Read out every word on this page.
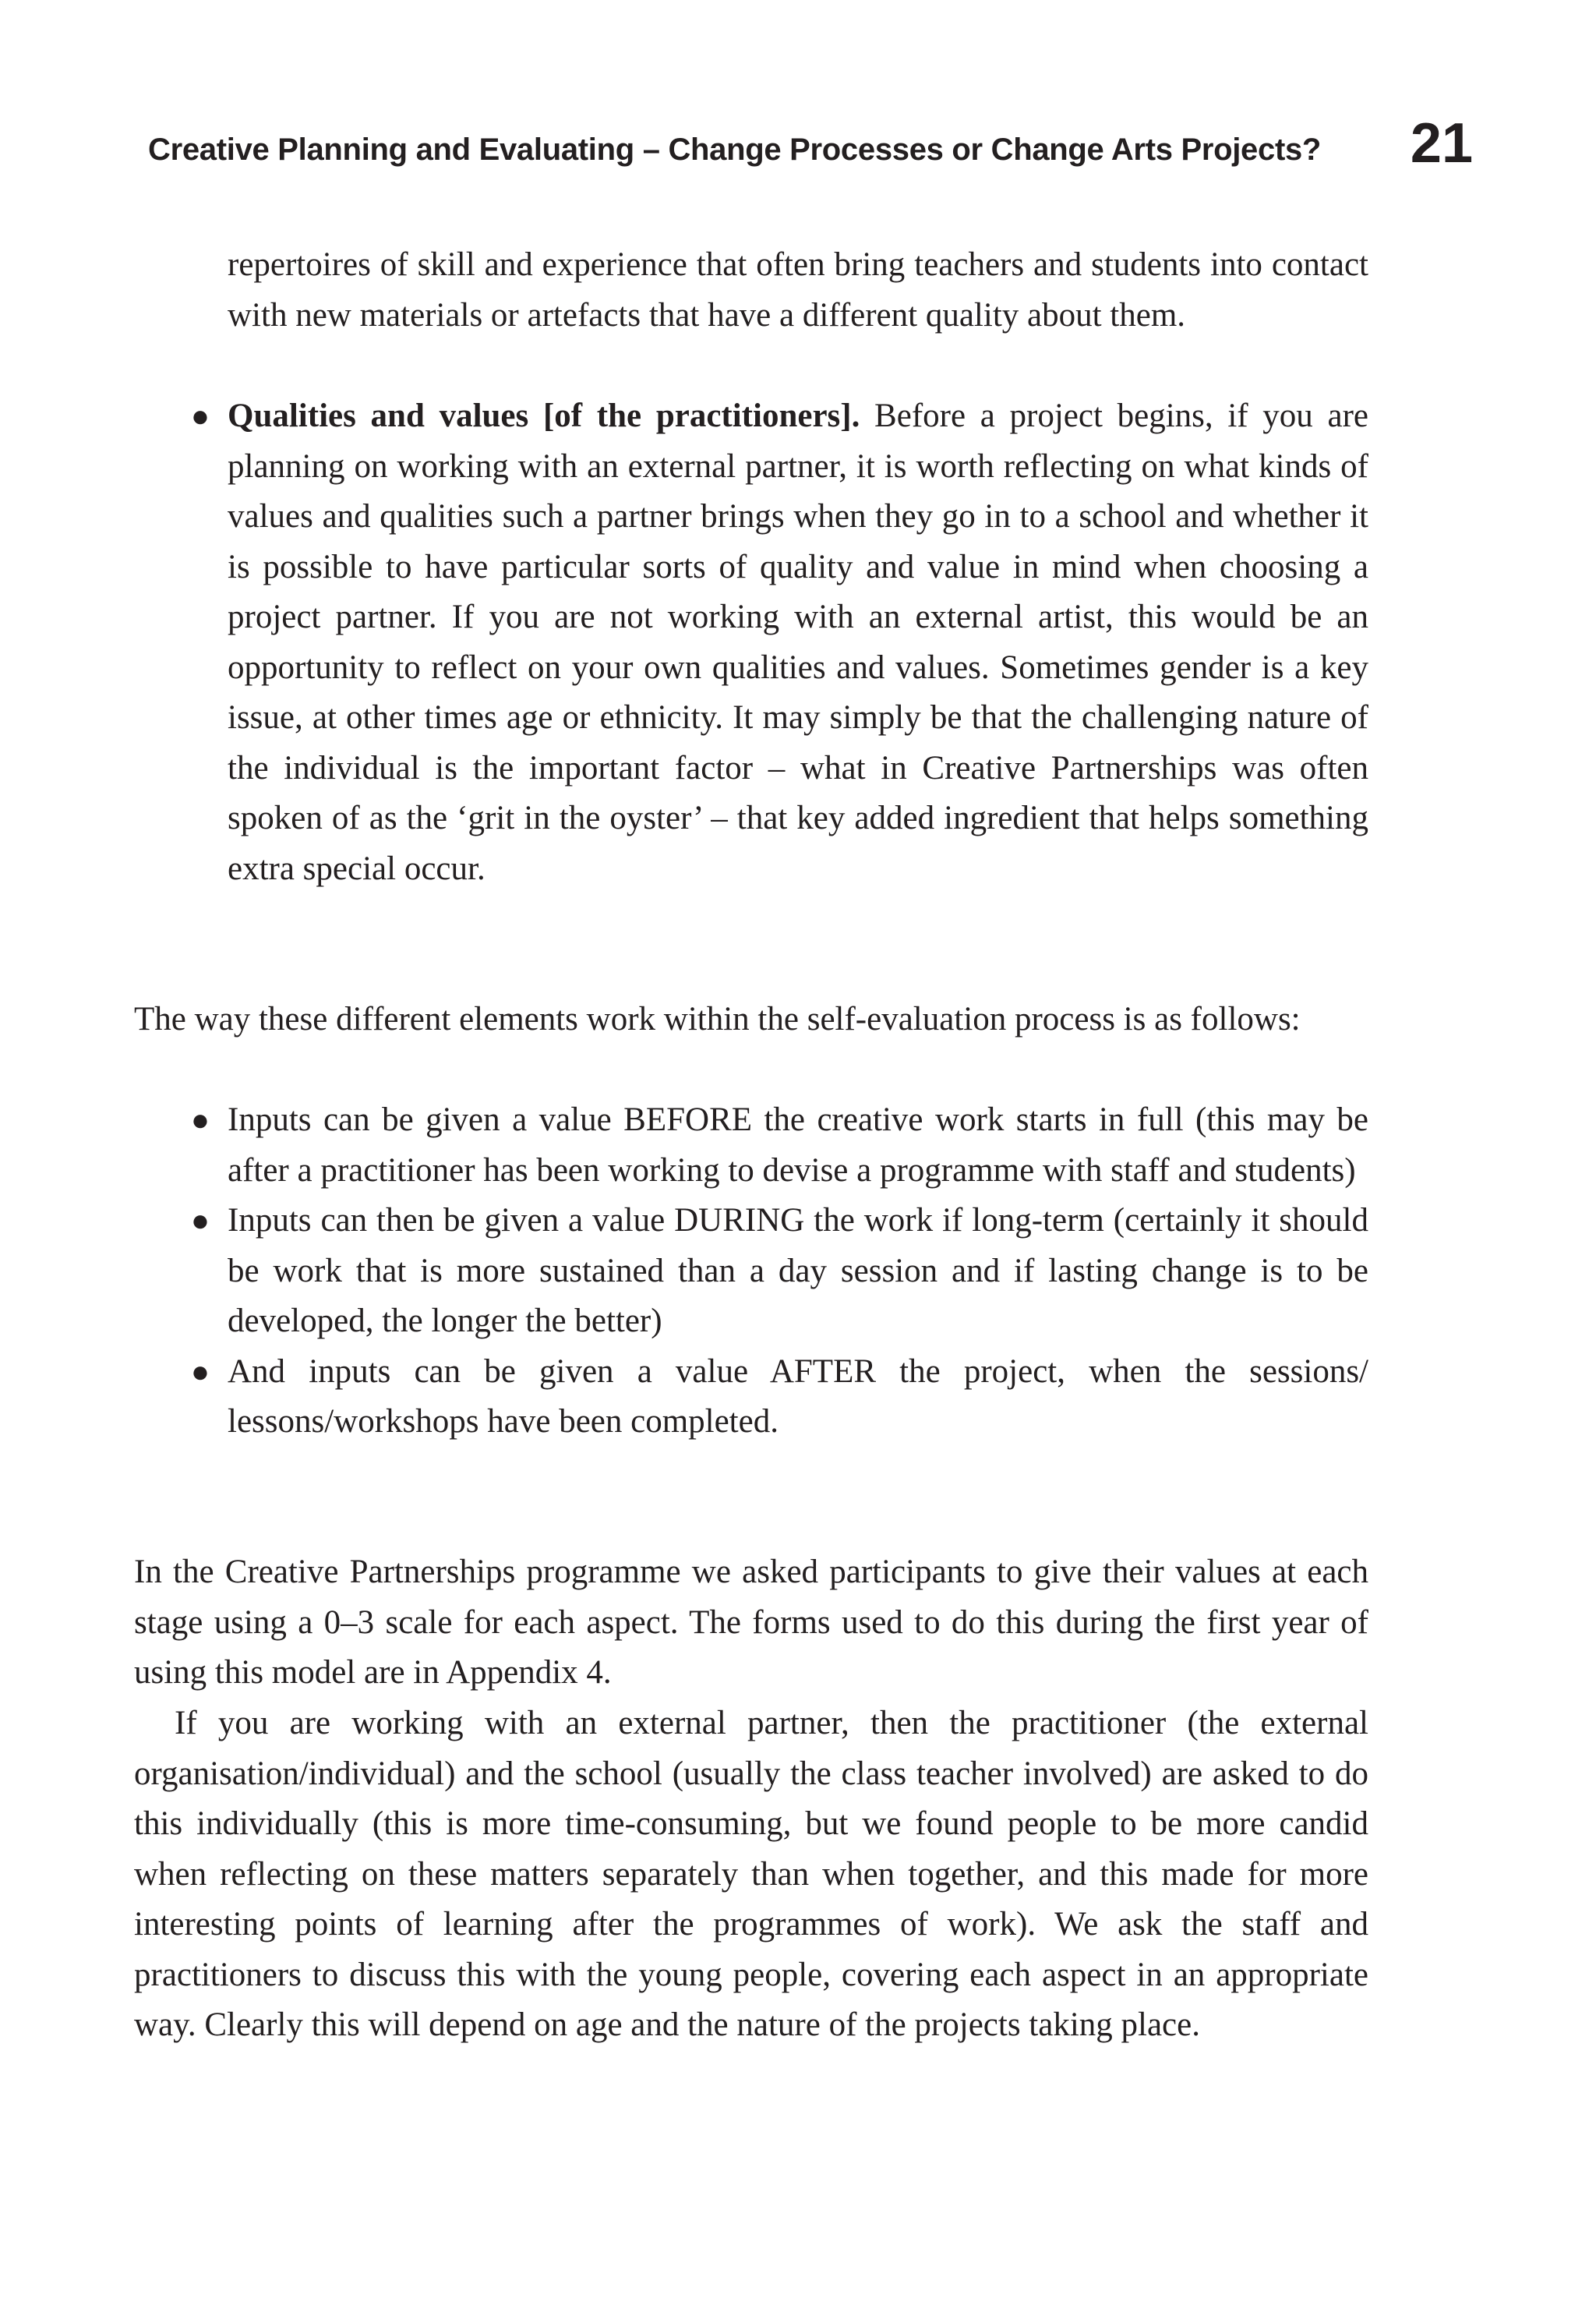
Creative Planning and Evaluating – Change Processes or Change Arts Projects? 21

repertoires of skill and experience that often bring teachers and students into contact with new materials or artefacts that have a different quality about them.

● Qualities and values [of the practitioners]. Before a project begins, if you are planning on working with an external partner, it is worth reflecting on what kinds of values and qualities such a partner brings when they go in to a school and whether it is possible to have particular sorts of quality and value in mind when choosing a project partner. If you are not working with an external artist, this would be an opportunity to reflect on your own qualities and values. Sometimes gender is a key issue, at other times age or ethnicity. It may simply be that the challenging nature of the individual is the important factor – what in Creative Partnerships was often spoken of as the ‘grit in the oyster’ – that key added ingredient that helps something extra special occur.

The way these different elements work within the self-evaluation process is as follows:

● Inputs can be given a value BEFORE the creative work starts in full (this may be after a practitioner has been working to devise a programme with staff and students)
● Inputs can then be given a value DURING the work if long-term (certainly it should be work that is more sustained than a day session and if lasting change is to be developed, the longer the better)
● And inputs can be given a value AFTER the project, when the sessions/ lessons/workshops have been completed.

In the Creative Partnerships programme we asked participants to give their values at each stage using a 0–3 scale for each aspect. The forms used to do this during the first year of using this model are in Appendix 4.

If you are working with an external partner, then the practitioner (the external organisation/individual) and the school (usually the class teacher involved) are asked to do this individually (this is more time-consuming, but we found people to be more candid when reflecting on these matters separately than when together, and this made for more interesting points of learning after the programmes of work). We ask the staff and practitioners to discuss this with the young people, covering each aspect in an appropriate way. Clearly this will depend on age and the nature of the projects taking place.
